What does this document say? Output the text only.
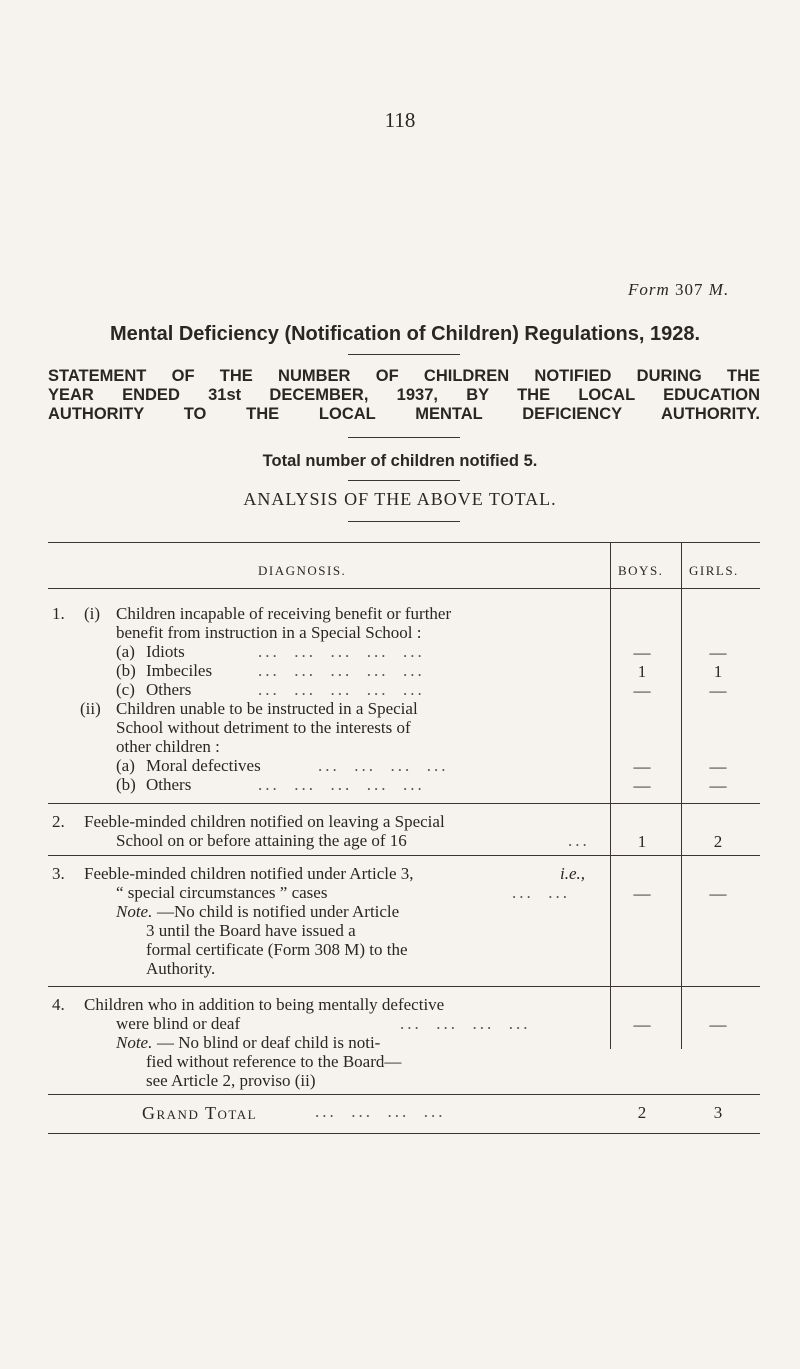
118
Form 307 M.
Mental Deficiency (Notification of Children) Regulations, 1928.
STATEMENT OF THE NUMBER OF CHILDREN NOTIFIED DURING THE
YEAR ENDED 31st DECEMBER, 1937, BY THE LOCAL EDUCATION
AUTHORITY TO THE LOCAL MENTAL DEFICIENCY AUTHORITY.
Total number of children notified 5.
ANALYSIS OF THE ABOVE TOTAL.
DIAGNOSIS.	BOYS. GIRLS.
1. (i) Children incapable of receiving benefit or further
benefit from instruction in a Special School :
(a) Idiots	...  ...  ...  ...  ...	—	—
(b) Imbeciles	...  ...  ...  ...  ...	1	1
(c) Others	...  ...  ...  ...  ...	—	—
(ii) Children unable to be instructed in a Special
School without detriment to the interests of
other children :
(a) Moral defectives	...  ...  ...  ...	—	—
(b) Others	...  ...  ...  ...  ...	—	—
2. Feeble-minded children notified on leaving a Special
School on or before attaining the age of 16	...	1	2
3. Feeble-minded children notified under Article 3,	i.e.,
“ special circumstances ” cases	...  ...	—	—
Note. —No child is notified under Article
3 until the Board have issued a
formal certificate (Form 308 M) to the
Authority.
4. Children who in addition to being mentally defective
were blind or deaf	...  ...  ...  ...	—	—
Note. — No blind or deaf child is noti-
fied without reference to the Board—
see Article 2, proviso (ii)
Grand Total	...  ...  ...  ...	2	3
